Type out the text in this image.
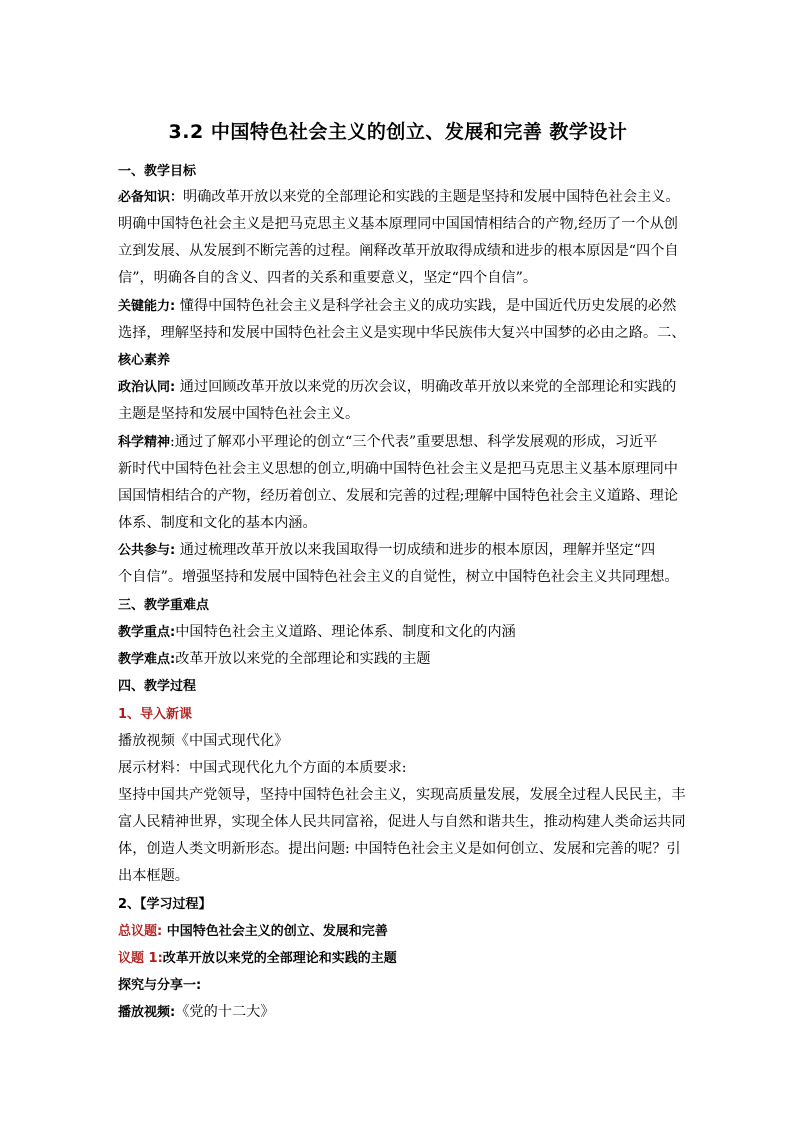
3.2 中国特色社会主义的创立、发展和完善 教学设计
一、教学目标
必备知识：明确改革开放以来党的全部理论和实践的主题是坚持和发展中国特色社会主义。
明确中国特色社会主义是把马克思主义基本原理同中国国情相结合的产物,经历了一个从创
立到发展、从发展到不断完善的过程。阐释改革开放取得成绩和进步的根本原因是“四个自
信”，明确各自的含义、四者的关系和重要意义，坚定“四个自信”。
关键能力: 懂得中国特色社会主义是科学社会主义的成功实践，是中国近代历史发展的必然
选择，理解坚持和发展中国特色社会主义是实现中华民族伟大复兴中国梦的必由之路。二、
核心素养
政治认同: 通过回顾改革开放以来党的历次会议，明确改革开放以来党的全部理论和实践的
主题是坚持和发展中国特色社会主义。
科学精神:通过了解邓小平理论的创立“三个代表”重要思想、科学发展观的形成，习近平
新时代中国特色社会主义思想的创立,明确中国特色社会主义是把马克思主义基本原理同中
国国情相结合的产物，经历着创立、发展和完善的过程;理解中国特色社会主义道路、理论
体系、制度和文化的基本内涵。
公共参与: 通过梳理改革开放以来我国取得一切成绩和进步的根本原因，理解并坚定“四
个自信”。增强坚持和发展中国特色社会主义的自觉性，树立中国特色社会主义共同理想。
三、教学重难点
教学重点:中国特色社会主义道路、理论体系、制度和文化的内涵
教学难点:改革开放以来党的全部理论和实践的主题
四、教学过程
1、导入新课
播放视频《中国式现代化》
展示材料：中国式现代化九个方面的本质要求:
坚持中国共产党领导，坚持中国特色社会主义，实现高质量发展，发展全过程人民民主，丰
富人民精神世界，实现全体人民共同富裕，促进人与自然和谐共生，推动构建人类命运共同
体，创造人类文明新形态。提出问题: 中国特色社会主义是如何创立、发展和完善的呢？引
出本框题。
2、【学习过程】
总议题: 中国特色社会主义的创立、发展和完善
议题 1:改革开放以来党的全部理论和实践的主题
探究与分享一:
播放视频:《党的十二大》
